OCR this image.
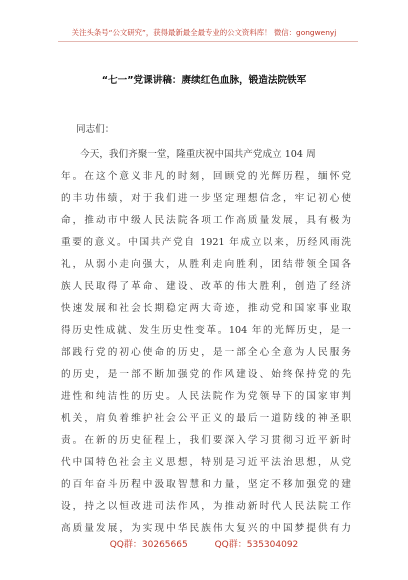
关注头条号“公文研究”，获得最新最全最专业的公文资料库！ 微信：gongwenyj
“七一”党课讲稿：赓续红色血脉，锻造法院铁军
同志们：
　　今天，我们齐聚一堂，隆重庆祝中国共产党成立 104 周
年。在这个意义非凡的时刻，回顾党的光辉历程，缅怀党
的丰功伟绩，对于我们进一步坚定理想信念，牢记初心使
命，推动市中级人民法院各项工作高质量发展，具有极为
重要的意义。中国共产党自 1921 年成立以来，历经风雨洗
礼，从弱小走向强大，从胜利走向胜利，团结带领全国各
族人民取得了革命、建设、改革的伟大胜利，创造了经济
快速发展和社会长期稳定两大奇迹，推动党和国家事业取
得历史性成就、发生历史性变革。104 年的光辉历史，是一
部践行党的初心使命的历史，是一部全心全意为人民服务
的历史，是一部不断加强党的作风建设、始终保持党的先
进性和纯洁性的历史。人民法院作为党领导下的国家审判
机关，肩负着维护社会公平正义的最后一道防线的神圣职
责。在新的历史征程上，我们要深入学习贯彻习近平新时
代中国特色社会主义思想，特别是习近平法治思想，从党
的百年奋斗历程中汲取智慧和力量，坚定不移加强党的建
设，持之以恒改进司法作风，为推动新时代人民法院工作
高质量发展，为实现中华民族伟大复兴的中国梦提供有力
QQ群：30265665	QQ群：535304092
